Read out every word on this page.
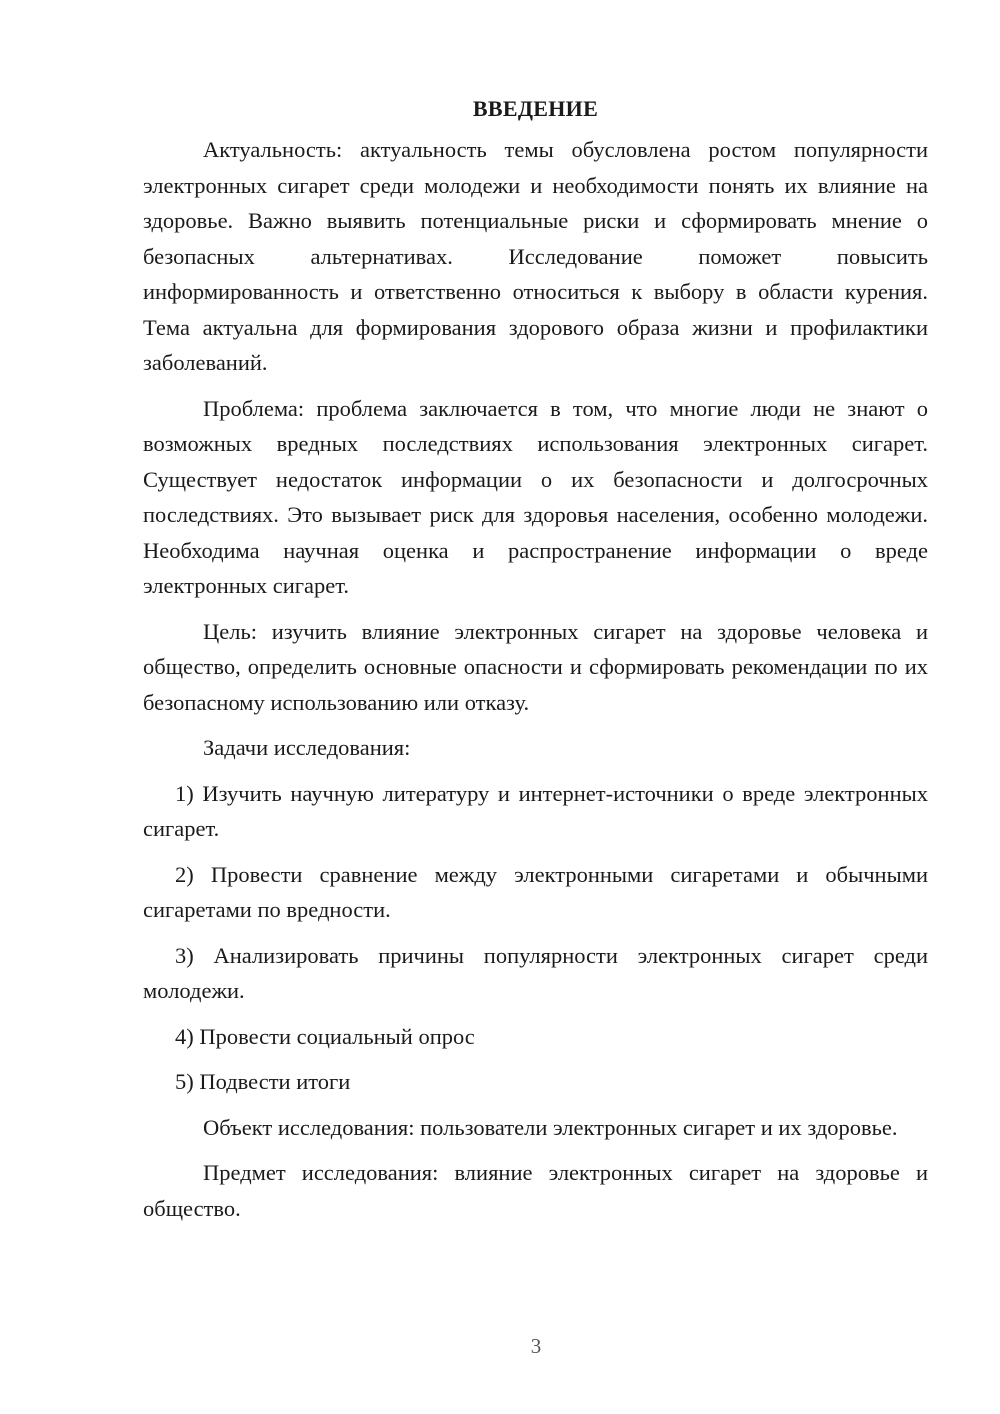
ВВЕДЕНИЕ

Актуальность: актуальность темы обусловлена ростом популярности электронных сигарет среди молодежи и необходимости понять их влияние на здоровье. Важно выявить потенциальные риски и сформировать мнение о безопасных альтернативах. Исследование поможет повысить информированность и ответственно относиться к выбору в области курения. Тема актуальна для формирования здорового образа жизни и профилактики заболеваний.

Проблема: проблема заключается в том, что многие люди не знают о возможных вредных последствиях использования электронных сигарет. Существует недостаток информации о их безопасности и долгосрочных последствиях. Это вызывает риск для здоровья населения, особенно молодежи. Необходима научная оценка и распространение информации о вреде электронных сигарет.

Цель: изучить влияние электронных сигарет на здоровье человека и общество, определить основные опасности и сформировать рекомендации по их безопасному использованию или отказу.

Задачи исследования:

1) Изучить научную литературу и интернет-источники о вреде электронных сигарет.

2) Провести сравнение между электронными сигаретами и обычными сигаретами по вредности.

3) Анализировать причины популярности электронных сигарет среди молодежи.

4) Провести социальный опрос

5) Подвести итоги

Объект исследования: пользователи электронных сигарет и их здоровье.

Предмет исследования: влияние электронных сигарет на здоровье и общество.

3
